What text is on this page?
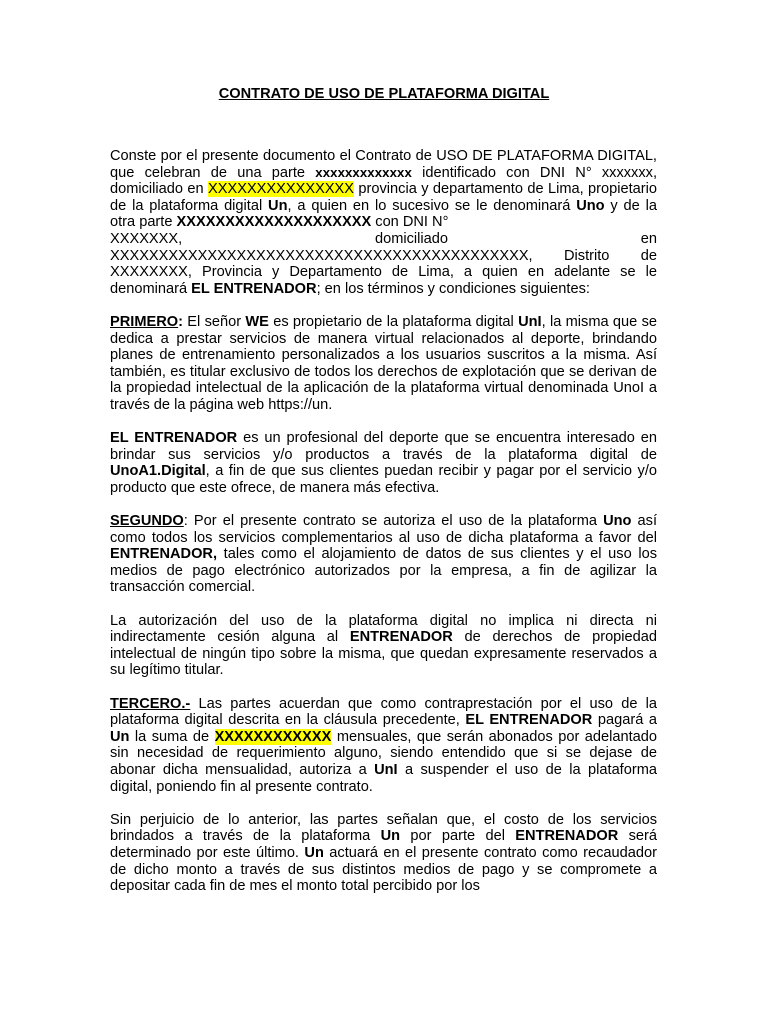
CONTRATO DE USO DE PLATAFORMA DIGITAL

Conste por el presente documento el Contrato de USO DE PLATAFORMA DIGITAL, que celebran de una parte xxxxxxxxxxxxx identificado con DNI N° xxxxxxx, domiciliado en XXXXXXXXXXXXXXX provincia y departamento de Lima, propietario de la plataforma digital Un, a quien en lo sucesivo se le denominará Uno y de la otra parte XXXXXXXXXXXXXXXXXXXX con DNI N°
XXXXXXX,	domiciliado	en
XXXXXXXXXXXXXXXXXXXXXXXXXXXXXXXXXXXXXXXXXXX, Distrito de
XXXXXXXX, Provincia y Departamento de Lima, a quien en adelante se le denominará EL ENTRENADOR; en los términos y condiciones siguientes:

PRIMERO: El señor WE es propietario de la plataforma digital UnI, la misma que se dedica a prestar servicios de manera virtual relacionados al deporte, brindando planes de entrenamiento personalizados a los usuarios suscritos a la misma. Así también, es titular exclusivo de todos los derechos de explotación que se derivan de la propiedad intelectual de la aplicación de la plataforma virtual denominada UnoI a través de la página web https://un.

EL ENTRENADOR es un profesional del deporte que se encuentra interesado en brindar sus servicios y/o productos a través de la plataforma digital de UnoA1.Digital, a fin de que sus clientes puedan recibir y pagar por el servicio y/o producto que este ofrece, de manera más efectiva.

SEGUNDO: Por el presente contrato se autoriza el uso de la plataforma Uno así como todos los servicios complementarios al uso de dicha plataforma a favor del ENTRENADOR, tales como el alojamiento de datos de sus clientes y el uso los medios de pago electrónico autorizados por la empresa, a fin de agilizar la transacción comercial.

La autorización del uso de la plataforma digital no implica ni directa ni indirectamente cesión alguna al ENTRENADOR de derechos de propiedad intelectual de ningún tipo sobre la misma, que quedan expresamente reservados a su legítimo titular.

TERCERO.- Las partes acuerdan que como contraprestación por el uso de la plataforma digital descrita en la cláusula precedente, EL ENTRENADOR pagará a Un la suma de XXXXXXXXXXXX mensuales, que serán abonados por adelantado sin necesidad de requerimiento alguno, siendo entendido que si se dejase de abonar dicha mensualidad, autoriza a UnI a suspender el uso de la plataforma digital, poniendo fin al presente contrato.

Sin perjuicio de lo anterior, las partes señalan que, el costo de los servicios brindados a través de la plataforma Un por parte del ENTRENADOR será determinado por este último. Un actuará en el presente contrato como recaudador de dicho monto a través de sus distintos medios de pago y se compromete a depositar cada fin de mes el monto total percibido por los
